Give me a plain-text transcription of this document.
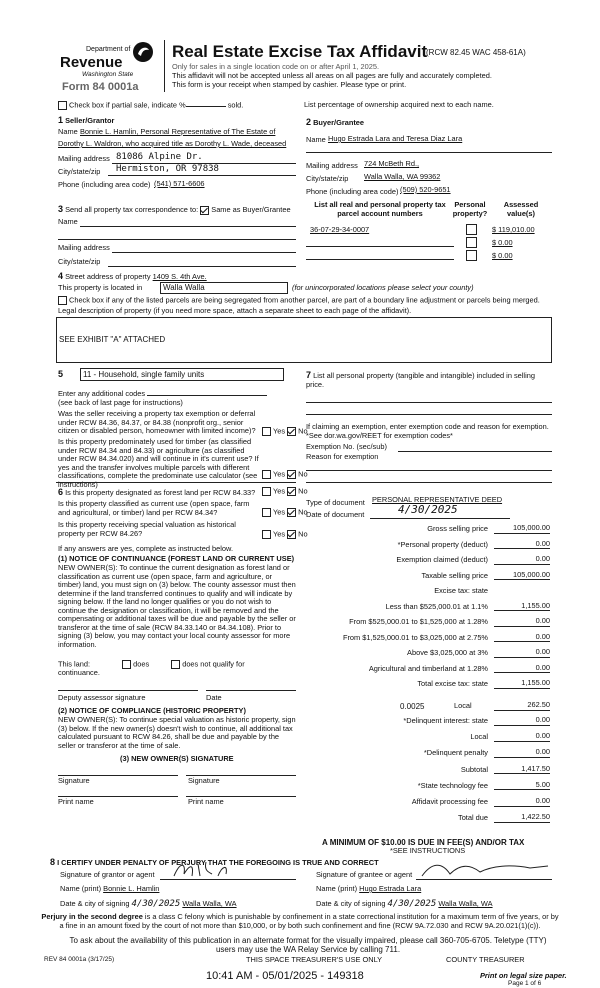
Department of
Revenue
Washington State
Form 84 0001a
Real Estate Excise Tax Affidavit
(RCW 82.45 WAC 458-61A)
Only for sales in a single location code on or after April 1, 2025.
This affidavit will not be accepted unless all areas on all pages are fully and accurately completed.
This form is your receipt when stamped by cashier. Please type or print.
Check box if partial sale, indicate %	sold.	List percentage of ownership acquired next to each name.
1 Seller/Grantor
Name Bonnie L. Hamlin, Personal Representative of The Estate of
Dorothy L. Waldron, who acquired title as Dorothy L. Wade, deceased
Mailing address 81086 Alpine Dr.
City/state/zip Hermiston, OR 97838
Phone (including area code) (541) 571-6606
2 Buyer/Grantee
Name Hugo Estrada Lara and Teresa Diaz Lara
Mailing address 724 McBeth Rd.,
City/state/zip Walla Walla, WA 99362
Phone (including area code) (509) 520-9651
3 Send all property tax correspondence to: Same as Buyer/Grantee
Name
Mailing address
City/state/zip
List all real and personal property tax parcel account numbers
Personal property?
Assessed value(s)
36-07-29-34-0007	$ 119,010.00
$ 0.00
$ 0.00
4 Street address of property 1409 S. 4th Ave.
This property is located in	Walla Walla	(for unincorporated locations please select your county)
Check box if any of the listed parcels are being segregated from another parcel, are part of a boundary line adjustment or parcels being merged.
Legal description of property (if you need more space, attach a separate sheet to each page of the affidavit).
SEE EXHIBIT "A" ATTACHED
5	11 - Household, single family units
Enter any additional codes
(see back of last page for instructions)
Was the seller receiving a property tax exemption or deferral under RCW 84.36, 84.37, or 84.38 (nonprofit org., senior citizen or disabled person, homeowner with limited income)?	Yes No
Is this property predominately used for timber (as classified under RCW 84.34 and 84.33) or agriculture (as classified under RCW 84.34.020) and will continue in it's current use? If yes and the transfer involves multiple parcels with different classifications, complete the predominate use calculator (see instructions)
Yes No
6 Is this property designated as forest land per RCW 84.33?	Yes No
Is this property classified as current use (open space, farm and agricultural, or timber) land per RCW 84.34?	Yes No
Is this property receiving special valuation as historical property per RCW 84.26?	Yes No
If any answers are yes, complete as instructed below.
(1) NOTICE OF CONTINUANCE (FOREST LAND OR CURRENT USE)
NEW OWNER(S): To continue the current designation as forest land or classification as current use (open space, farm and agriculture, or timber) land, you must sign on (3) below. The county assessor must then determine if the land transferred continues to qualify and will indicate by signing below. If the land no longer qualifies or you do not wish to continue the designation or classification, it will be removed and the compensating or additional taxes will be due and payable by the seller or transferor at the time of sale (RCW 84.33.140 or 84.34.108). Prior to signing (3) below, you may contact your local county assessor for more information.
This land:	does	does not qualify for
continuance.
Deputy assessor signature	Date
(2) NOTICE OF COMPLIANCE (HISTORIC PROPERTY)
NEW OWNER(S): To continue special valuation as historic property, sign (3) below. If the new owner(s) doesn't wish to continue, all additional tax calculated pursuant to RCW 84.26, shall be due and payable by the seller or transferor at the time of sale.
(3) NEW OWNER(S) SIGNATURE
Signature	Signature
Print name	Print name
7 List all personal property (tangible and intangible) included in selling price.
If claiming an exemption, enter exemption code and reason for exemption. *See dor.wa.gov/REET for exemption codes*
Exemption No. (sec/sub)
Reason for exemption
Type of document PERSONAL REPRESENTATIVE DEED
Date of document	4/30/2025
Gross selling price	105,000.00
*Personal property (deduct)	0.00
Exemption claimed (deduct)	0.00
Taxable selling price	105,000.00
Excise tax: state
Less than $525,000.01 at 1.1%	1,155.00
From $525,000.01 to $1,525,000 at 1.28%	0.00
From $1,525,000.01 to $3,025,000 at 2.75%	0.00
Above $3,025,000 at 3%	0.00
Agricultural and timberland at 1.28%	0.00
Total excise tax: state	1,155.00
0.0025	Local	262.50
*Delinquent interest: state	0.00
Local	0.00
*Delinquent penalty	0.00
Subtotal	1,417.50
*State technology fee	5.00
Affidavit processing fee	0.00
Total due	1,422.50
A MINIMUM OF $10.00 IS DUE IN FEE(S) AND/OR TAX
*SEE INSTRUCTIONS
8 I CERTIFY UNDER PENALTY OF PERJURY THAT THE FOREGOING IS TRUE AND CORRECT
Signature of grantor or agent
Name (print) Bonnie L. Hamlin
Date & city of signing 4/30/2025 Walla Walla, WA
Signature of grantee or agent
Name (print) Hugo Estrada Lara
Date & city of signing 4/30/2025 Walla Walla, WA
Perjury in the second degree is a class C felony which is punishable by confinement in a state correctional institution for a maximum term of five years, or by a fine in an amount fixed by the court of not more than $10,000, or by both such confinement and fine (RCW 9A.72.030 and RCW 9A.20.021(1)(c)).
To ask about the availability of this publication in an alternate format for the visually impaired, please call 360-705-6705. Teletype (TTY) users may use the WA Relay Service by calling 711.
REV 84 0001a (3/17/25)	THIS SPACE TREASURER'S USE ONLY	COUNTY TREASURER
10:41 AM - 05/01/2025 - 149318	Print on legal size paper.
Page 1 of 6
